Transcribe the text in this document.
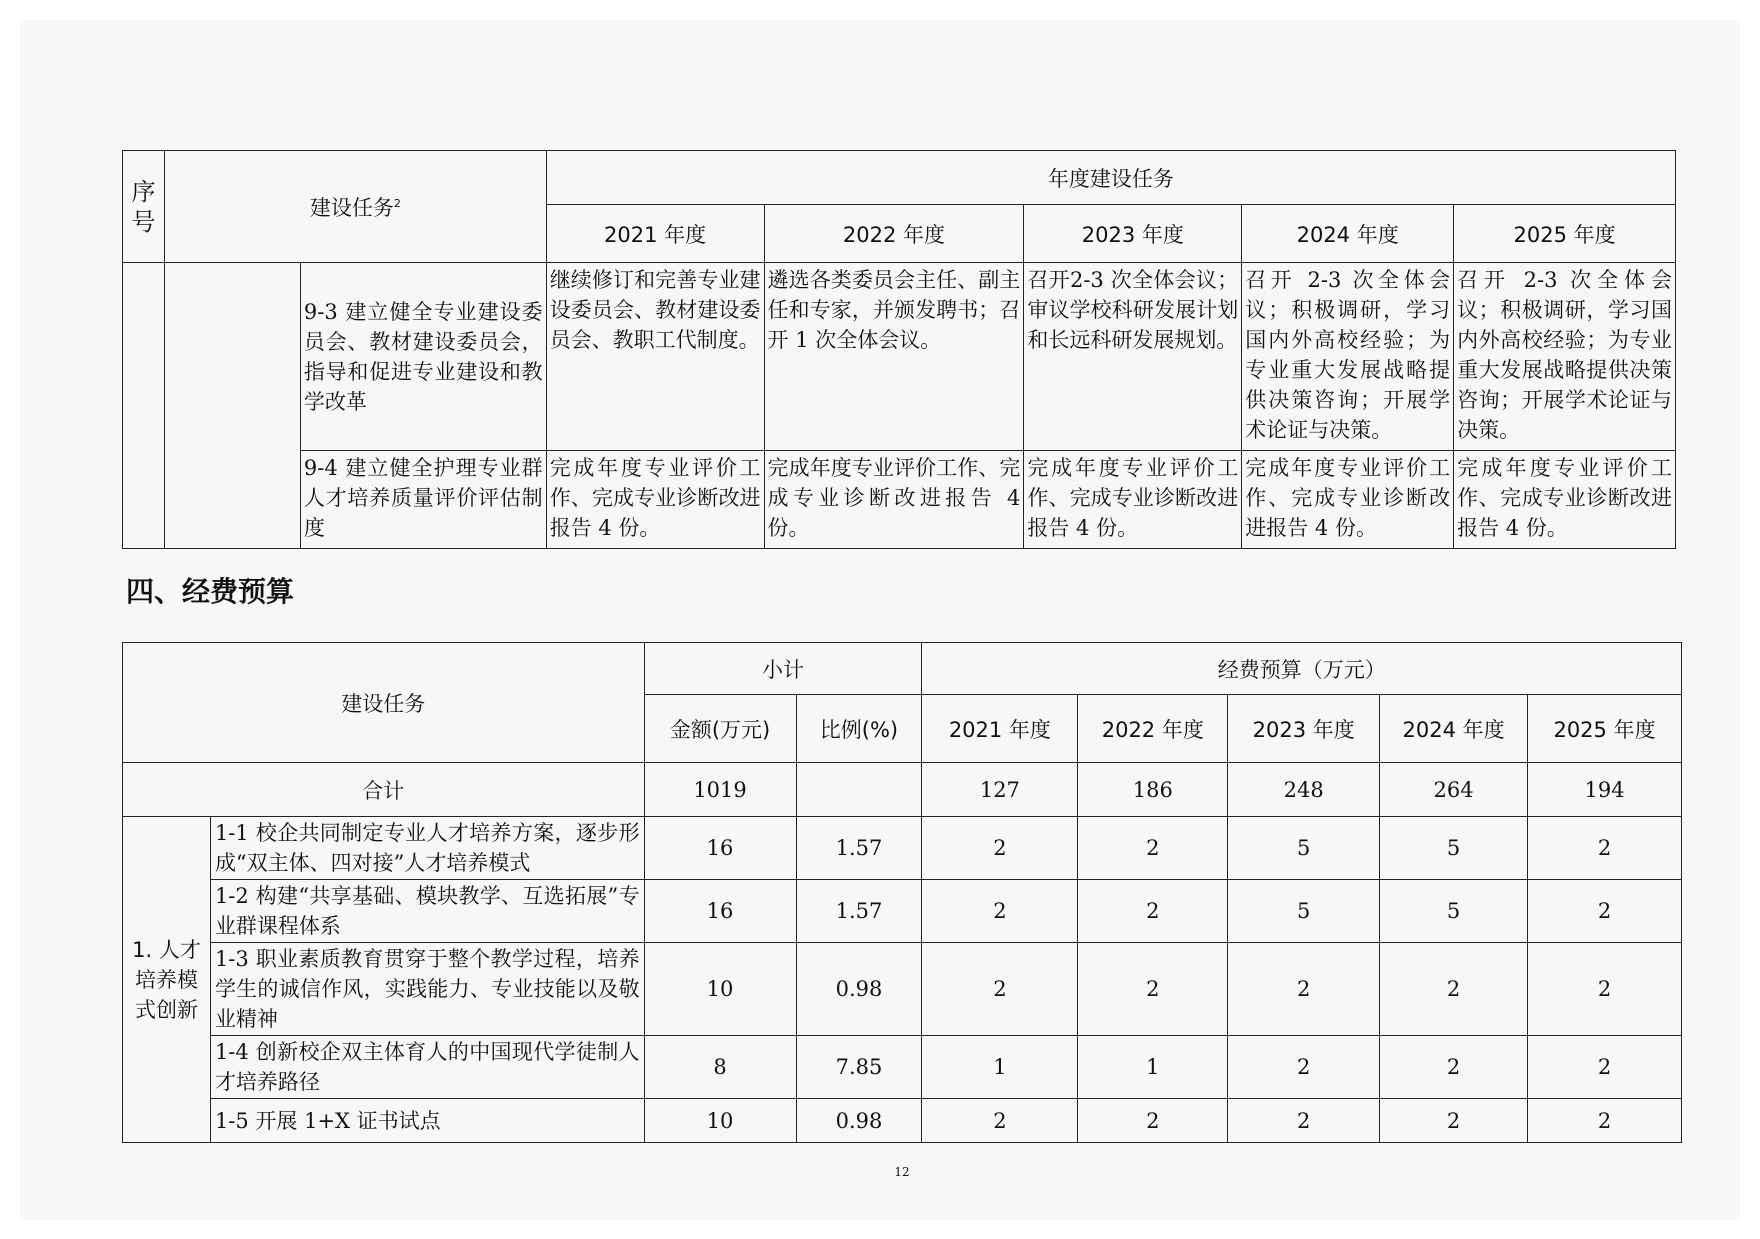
序号	建设任务$^2$		年度建设任务				
			2021 年度	2022 年度	2023 年度	2024 年度	2025 年度
		9-3 建立健全专业建设委员会、教材建设委员会，指导和促进专业建设和教学改革	继续修订和完善专业建设委员会、教材建设委员会、教职工代制度。	遴选各类委员会主任、副主任和专家，并颁发聘书；召开 1 次全体会议。	召开2-3 次全体会议；审议学校科研发展计划和长远科研发展规划。	召开 2-3 次全体会议；积极调研，学习国内外高校经验；为专业重大发展战略提供决策咨询；开展学术论证与决策。	召开 2-3 次全体会议；积极调研，学习国内外高校经验；为专业重大发展战略提供决策咨询；开展学术论证与决策。
		9-4 建立健全护理专业群人才培养质量评价评估制度	完成年度专业评价工作、完成专业诊断改进报告 4 份。	完成年度专业评价工作、完成专业诊断改进报告 4 份。	完成年度专业评价工作、完成专业诊断改进报告 4 份。	完成年度专业评价工作、完成专业诊断改进报告 4 份。	完成年度专业评价工作、完成专业诊断改进报告 4 份。
四、经费预算
建设任务		小计		经费预算（万元）				
		金额(万元)	比例(%)	2021 年度	2022 年度	2023 年度	2024 年度	2025 年度
合计		1019		127	186	248	264	194
1. 人才培养模式创新	1-1 校企共同制定专业人才培养方案，逐步形成“双主体、四对接”人才培养模式	16	1.57	2	2	5	5	2
	1-2 构建“共享基础、模块教学、互选拓展”专业群课程体系	16	1.57	2	2	5	5	2
	1-3 职业素质教育贯穿于整个教学过程，培养学生的诚信作风，实践能力、专业技能以及敬业精神	10	0.98	2	2	2	2	2
	1-4 创新校企双主体育人的中国现代学徒制人才培养路径	8	7.85	1	1	2	2	2
	1-5 开展 1+X 证书试点	10	0.98	2	2	2	2	2
12
